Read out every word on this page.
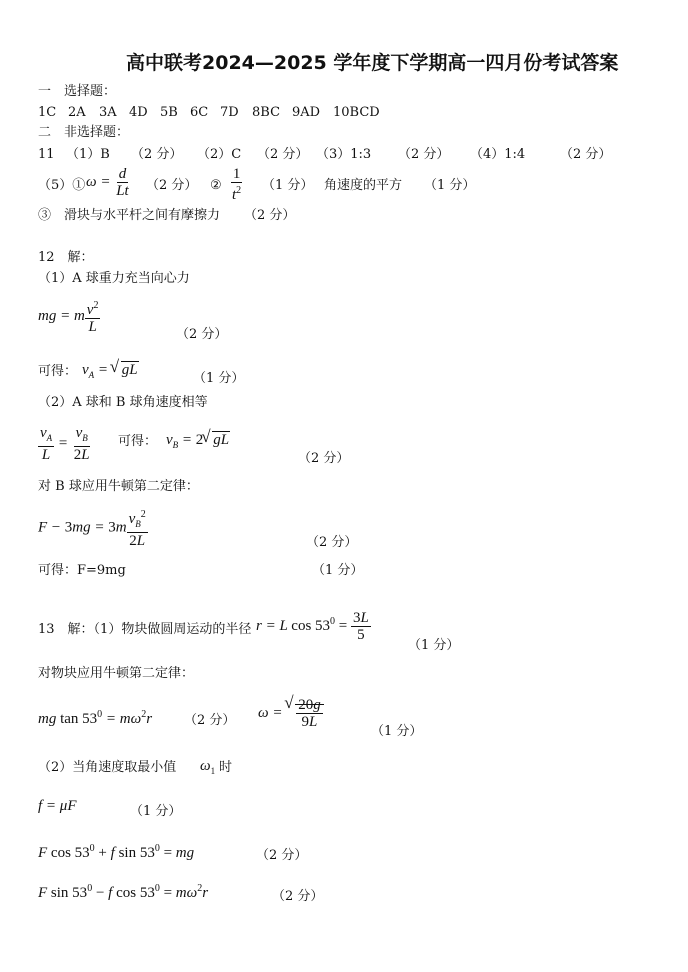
高中联考2024—2025 学年度下学期高一四月份考试答案
一　选择题：
1C 2A 3A 4D 5B 6C 7D 8BC 9AD 10BCD
二　非选择题：
11 （1）B （2 分） （2）C （2 分） （3）1:3 （2 分） （4）1:4	（2 分）
（5）① $\omega = \frac{d}{Lt} (2$ 分） ② $\frac{1}{t^2} (1$ 分） 角速度的平方 （1 分）
③　滑块与水平杆之间有摩擦力 （2 分）
12　解：
（1）A 球重力充当向心力
mg = m $\frac{v^2}{L}$	（2 分）
可得： $v_A$ = √ gL
（1 分）
（2）A 球和 B 球角速度相等
$\frac{v_A}{L} = \frac{v_B}{2L}$ 可得： $v_B = 2√$ gL
（2 分）
对 B 球应用牛顿第二定律：
$F - 3mg = 3m \frac{v_B^2}{2L}$	（2 分）
可得：F=9mg	（1 分）
13　解：（1）物块做圆周运动的半径 r = L $\cos 53^0 = \frac{3L}{5}$
（1 分）
对物块应用牛顿第二定律：
mg $\tan 53^0 = m\omega^2r$ （2 分） ω =
√ $\frac{20g}{9L}$
（1 分）
（2）当角速度取最小值 $\omega_1$ 时
f = μF	（1 分）
F $\cos 53^0 + f$ $\sin 53^0$ = mg	（2 分）
F $\sin 53^0 - f$ $\cos 53^0 = m\omega^2r$	（2 分）
